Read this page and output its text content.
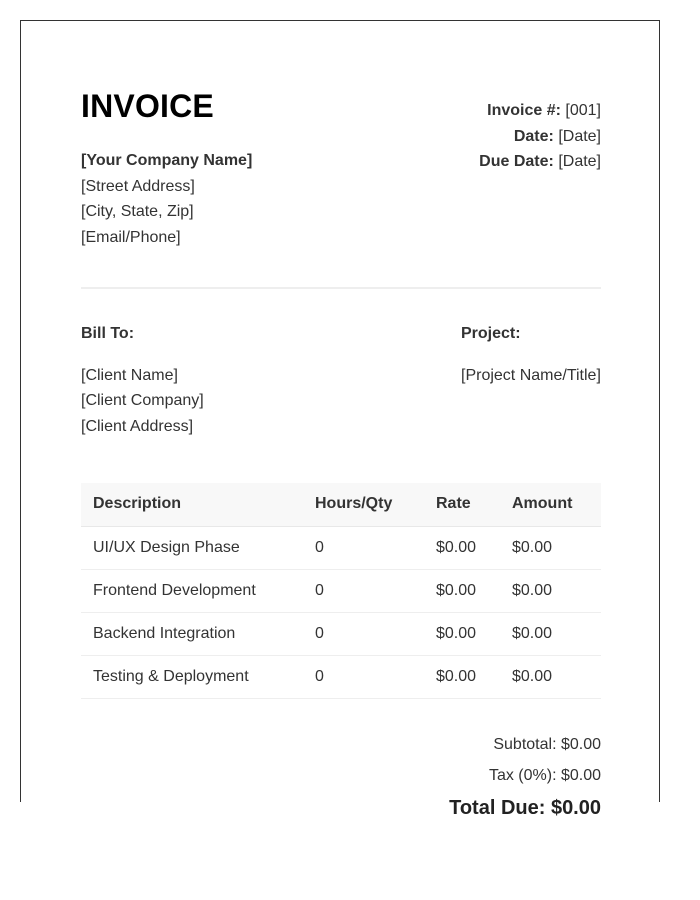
INVOICE	Invoice #: [001]
Date: [Date]
Due Date: [Date]
[Your Company Name]
[Street Address]
[City, State, Zip]
[Email/Phone]
Bill To:
[Client Name]
[Client Company]
[Client Address]
Project:
[Project Name/Title]
Description	Hours/Qty	Rate	Amount
UI/UX Design Phase	0	$0.00	$0.00
Frontend Development	0	$0.00	$0.00
Backend Integration	0	$0.00	$0.00
Testing & Deployment	0	$0.00	$0.00
Subtotal: $0.00
Tax (0%): $0.00
Total Due: $0.00
